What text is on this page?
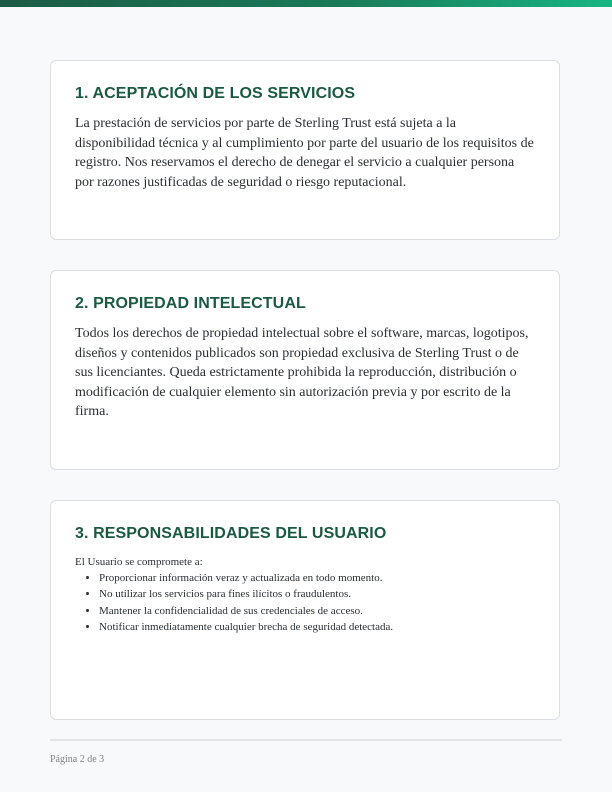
1. ACEPTACIÓN DE LOS SERVICIOS

La prestación de servicios por parte de Sterling Trust está sujeta a la disponibilidad técnica y al cumplimiento por parte del usuario de los requisitos de registro. Nos reservamos el derecho de denegar el servicio a cualquier persona por razones justificadas de seguridad o riesgo reputacional.

2. PROPIEDAD INTELECTUAL

Todos los derechos de propiedad intelectual sobre el software, marcas, logotipos, diseños y contenidos publicados son propiedad exclusiva de Sterling Trust o de sus licenciantes. Queda estrictamente prohibida la reproducción, distribución o modificación de cualquier elemento sin autorización previa y por escrito de la firma.

3. RESPONSABILIDADES DEL USUARIO

El Usuario se compromete a:

• Proporcionar información veraz y actualizada en todo momento.
• No utilizar los servicios para fines ilícitos o fraudulentos.
• Mantener la confidencialidad de sus credenciales de acceso.
• Notificar inmediatamente cualquier brecha de seguridad detectada.
Página 2 de 3
